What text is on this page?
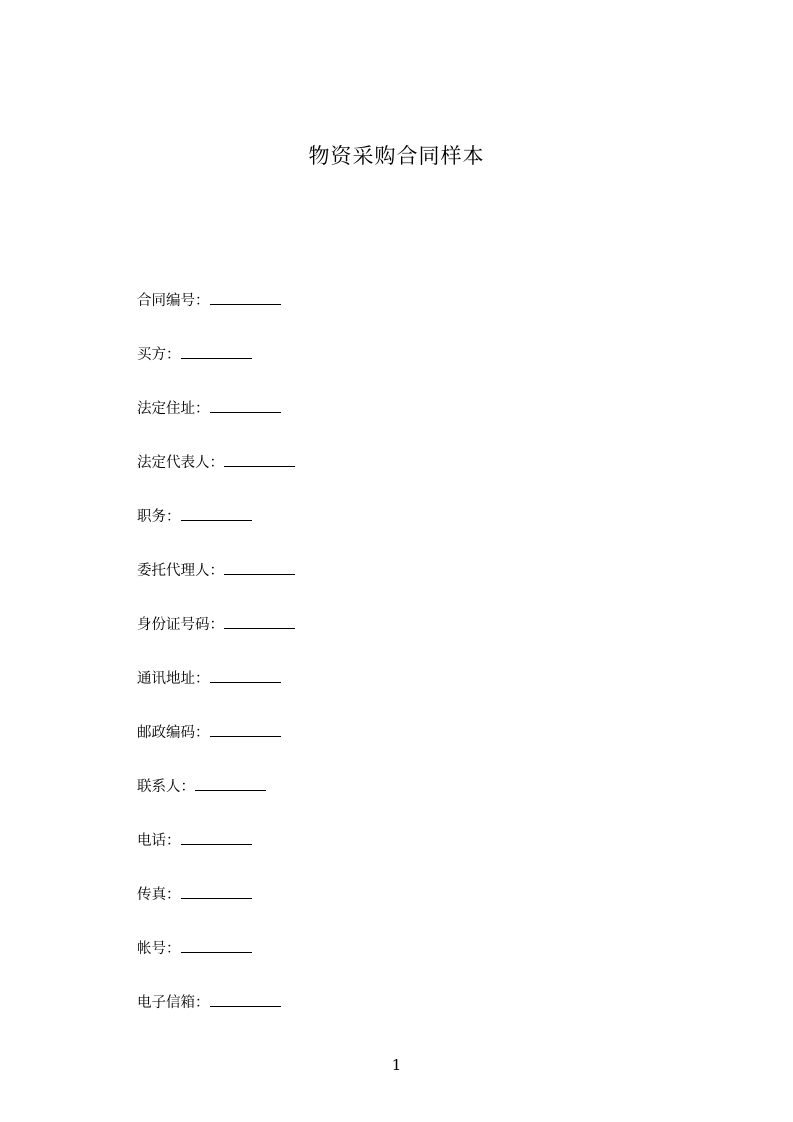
物资采购合同样本
合同编号：
买方：
法定住址：
法定代表人：
职务：
委托代理人：
身份证号码：
通讯地址：
邮政编码：
联系人：
电话：
传真：
帐号：
电子信箱：
1
